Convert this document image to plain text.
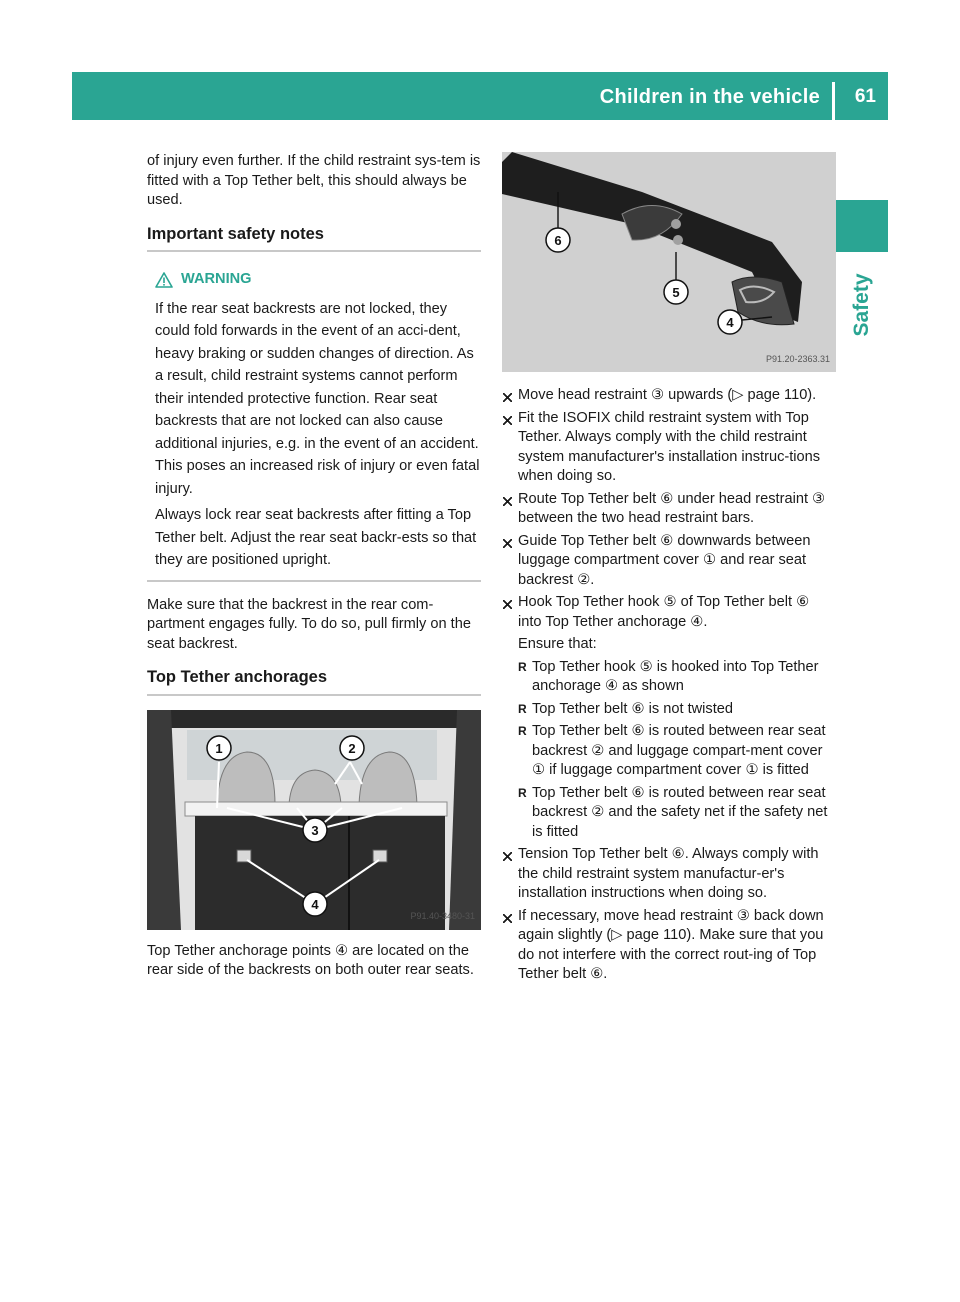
Children in the vehicle 61
Safety

of injury even further. If the child restraint sys-tem is fitted with a Top Tether belt, this should always be used.

Important safety notes
WARNING

If the rear seat backrests are not locked, they could fold forwards in the event of an acci-dent, heavy braking or sudden changes of direction. As a result, child restraint systems cannot perform their intended protective function. Rear seat backrests that are not locked can also cause additional injuries, e.g. in the event of an accident. This poses an increased risk of injury or even fatal injury.

Always lock rear seat backrests after fitting a Top Tether belt. Adjust the rear seat backr-ests so that they are positioned upright.

Make sure that the backrest in the rear com-partment engages fully. To do so, pull firmly on the seat backrest.

Top Tether anchorages
1	2
3
4
P91.40-3480-31

Top Tether anchorage points ④ are located on the rear side of the backrests on both outer rear seats.

6
5
4
P91.20-2363.31
Move head restraint ③ upwards (▷ page 110).
Fit the ISOFIX child restraint system with Top Tether. Always comply with the child restraint system manufacturer's installation instruc-tions when doing so.
Route Top Tether belt ⑥ under head restraint ③ between the two head restraint bars.
Guide Top Tether belt ⑥ downwards between luggage compartment cover ① and rear seat backrest ②.
Hook Top Tether hook ⑤ of Top Tether belt ⑥ into Top Tether anchorage ④.

Ensure that:

R Top Tether hook ⑤ is hooked into Top Tether anchorage ④ as shown

R Top Tether belt ⑥ is not twisted

R Top Tether belt ⑥ is routed between rear seat backrest ② and luggage compart-ment cover ① if luggage compartment cover ① is fitted

R Top Tether belt ⑥ is routed between rear seat backrest ② and the safety net if the safety net is fitted

Tension Top Tether belt ⑥. Always comply with the child restraint system manufactur-er's installation instructions when doing so.
If necessary, move head restraint ③ back down again slightly (▷ page 110). Make sure that you do not interfere with the correct rout-ing of Top Tether belt ⑥.
